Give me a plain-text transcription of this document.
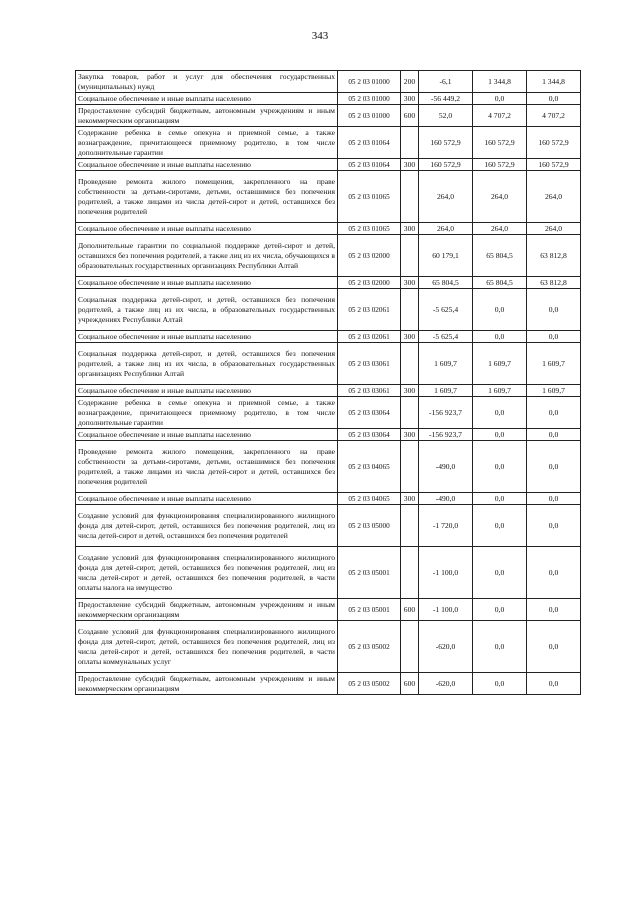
343
Закупка товаров, работ и услуг для обеспечения государственных (муниципальных) нужд	05 2 03 01000	200	-6,1	1 344,8	1 344,8
Социальное обеспечение и иные выплаты населению	05 2 03 01000	300	-56 449,2	0,0	0,0
Предоставление субсидий бюджетным, автономным учреждениям и иным некоммерческим организациям	05 2 03 01000	600	52,0	4 707,2	4 707,2
Содержание ребенка в семье опекуна и приемной семье, а также вознаграждение, причитающееся приемному родителю, в том числе дополнительные гарантии	05 2 03 01064		160 572,9	160 572,9	160 572,9
Социальное обеспечение и иные выплаты населению	05 2 03 01064	300	160 572,9	160 572,9	160 572,9
Проведение ремонта жилого помещения, закрепленного на праве собственности за детьми-сиротами, детьми, оставшимися без попечения родителей, а также лицами из числа детей-сирот и детей, оставшихся без попечения родителей	05 2 03 01065		264,0	264,0	264,0
Социальное обеспечение и иные выплаты населению	05 2 03 01065	300	264,0	264,0	264,0
Дополнительные гарантии по социальной поддержке детей-сирот и детей, оставшихся без попечения родителей, а также лиц из их числа, обучающихся в образовательных государственных организациях Республики Алтай	05 2 03 02000		60 179,1	65 804,5	63 812,8
Социальное обеспечение и иные выплаты населению	05 2 03 02000	300	65 804,5	65 804,5	63 812,8
Социальная поддержка детей-сирот, и детей, оставшихся без попечения родителей, а также лиц из их числа, в образовательных государственных учреждениях Республики Алтай	05 2 03 02061		-5 625,4	0,0	0,0
Социальное обеспечение и иные выплаты населению	05 2 03 02061	300	-5 625,4	0,0	0,0
Социальная поддержка детей-сирот, и детей, оставшихся без попечения родителей, а также лиц из их числа, в образовательных государственных организациях Республики Алтай	05 2 03 03061		1 609,7	1 609,7	1 609,7
Социальное обеспечение и иные выплаты населению	05 2 03 03061	300	1 609,7	1 609,7	1 609,7
Содержание ребенка в семье опекуна и приемной семье, а также вознаграждение, причитающееся приемному родителю, в том числе дополнительные гарантии	05 2 03 03064		-156 923,7	0,0	0,0
Социальное обеспечение и иные выплаты населению	05 2 03 03064	300	-156 923,7	0,0	0,0
Проведение ремонта жилого помещения, закрепленного на праве собственности за детьми-сиротами, детьми, оставшимися без попечения родителей, а также лицами из числа детей-сирот и детей, оставшихся без попечения родителей	05 2 03 04065		-490,0	0,0	0,0
Социальное обеспечение и иные выплаты населению	05 2 03 04065	300	-490,0	0,0	0,0
Создание условий для функционирования специализированного жилищного фонда для детей-сирот, детей, оставшихся без попечения родителей, лиц из числа детей-сирот и детей, оставшихся без попечения родителей	05 2 03 05000		-1 720,0	0,0	0,0
Создание условий для функционирования специализированного жилищного фонда для детей-сирот, детей, оставшихся без попечения родителей, лиц из числа детей-сирот и детей, оставшихся без попечения родителей, в части оплаты налога на имущество	05 2 03 05001		-1 100,0	0,0	0,0
Предоставление субсидий бюджетным, автономным учреждениям и иным некоммерческим организациям	05 2 03 05001	600	-1 100,0	0,0	0,0
Создание условий для функционирования специализированного жилищного фонда для детей-сирот, детей, оставшихся без попечения родителей, лиц из числа детей-сирот и детей, оставшихся без попечения родителей, в части оплаты коммунальных услуг	05 2 03 05002		-620,0	0,0	0,0
Предоставление субсидий бюджетным, автономным учреждениям и иным некоммерческим организациям	05 2 03 05002	600	-620,0	0,0	0,0
